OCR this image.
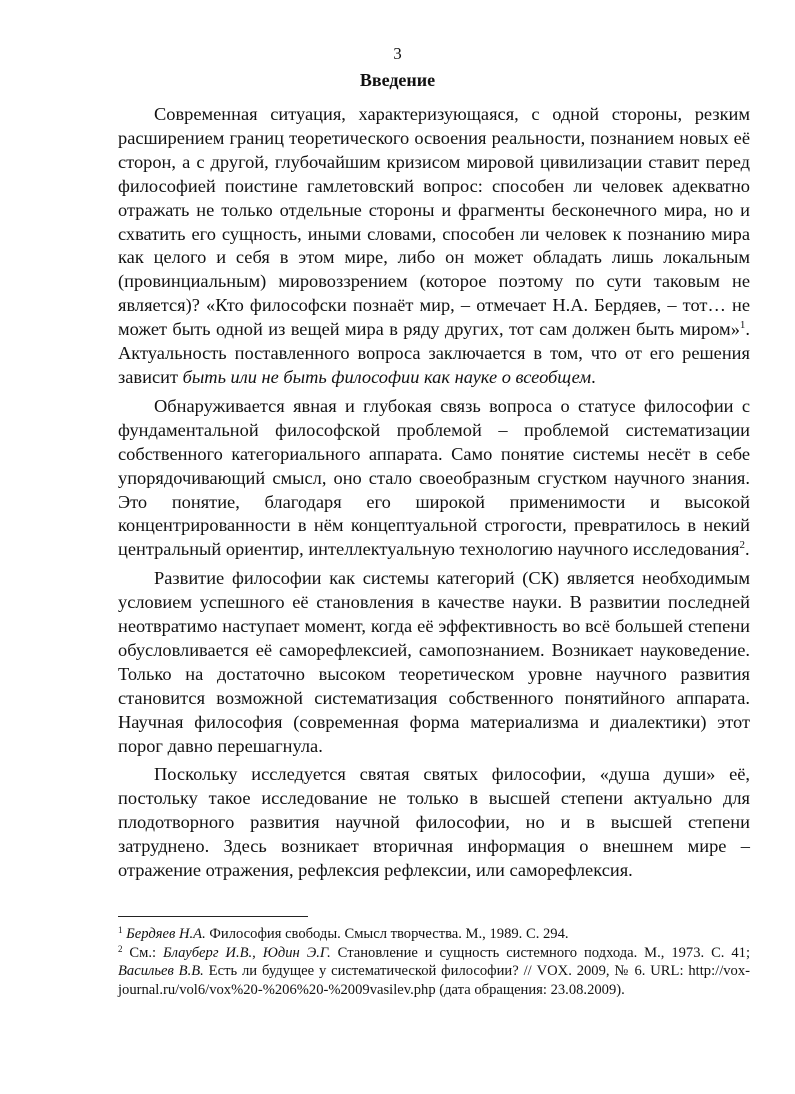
3
Введение

Современная ситуация, характеризующаяся, с одной стороны, резким расширением границ теоретического освоения реальности, познанием новых её сторон, а с другой, глубочайшим кризисом мировой цивилизации ставит перед философией поистине гамлетовский вопрос: способен ли человек адекватно отражать не только отдельные стороны и фрагменты бесконечного мира, но и схватить его сущность, иными словами, способен ли человек к познанию мира как целого и себя в этом мире, либо он может обладать лишь локальным (провинциальным) мировоззрением (которое поэтому по сути таковым не является)? «Кто философски познаёт мир, – отмечает Н.А. Бердяев, – тот… не может быть одной из вещей мира в ряду других, тот сам должен быть миром»$^1$. Актуальность поставленного вопроса заключается в том, что от его решения зависит быть или не быть философии как науке о всеобщем.

Обнаруживается явная и глубокая связь вопроса о статусе философии с фундаментальной философской проблемой – проблемой систематизации собственного категориального аппарата. Само понятие системы несёт в себе упорядочивающий смысл, оно стало своеобразным сгустком научного знания. Это понятие, благодаря его широкой применимости и высокой концентрированности в нём концептуальной строгости, превратилось в некий центральный ориентир, интеллектуальную технологию научного исследования$^2$.

Развитие философии как системы категорий (СК) является необходимым условием успешного её становления в качестве науки. В развитии последней неотвратимо наступает момент, когда её эффективность во всё большей степени обусловливается её саморефлексией, самопознанием. Возникает науковедение. Только на достаточно высоком теоретическом уровне научного развития становится возможной систематизация собственного понятийного аппарата. Научная философия (современная форма материализма и диалектики) этот порог давно перешагнула.

Поскольку исследуется святая святых философии, «душа души» её, постольку такое исследование не только в высшей степени актуально для плодотворного развития научной философии, но и в высшей степени затруднено. Здесь возникает вторичная информация о внешнем мире – отражение отражения, рефлексия рефлексии, или саморефлексия.

$^1$ Бердяев Н.А. Философия свободы. Смысл творчества. М., 1989. С. 294.

$^2$ См.: Блауберг И.В., Юдин Э.Г. Становление и сущность системного подхода. М., 1973. С. 41; Васильев В.В. Есть ли будущее у систематической философии? // VOX. 2009, № 6. URL: http://vox-journal.ru/vol6/vox%20-%206%20-%2009vasilev.php (дата обращения: 23.08.2009).
